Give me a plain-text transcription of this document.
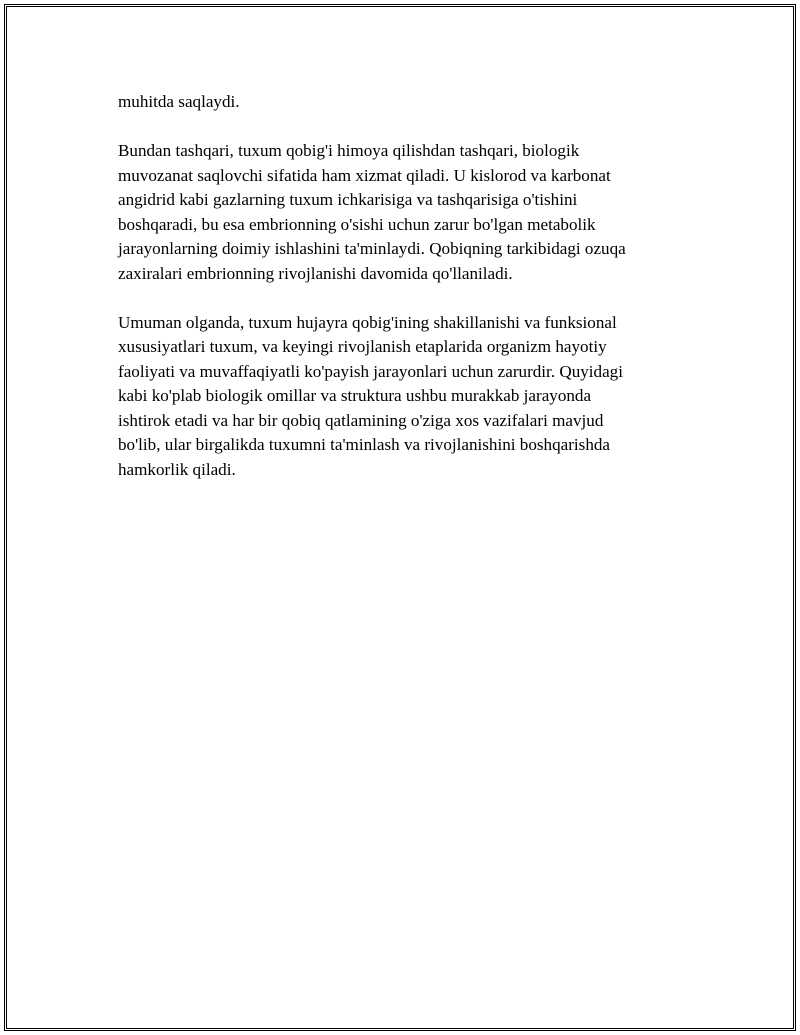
muhitda saqlaydi.

Bundan tashqari, tuxum qobig'i himoya qilishdan tashqari, biologik
muvozanat saqlovchi sifatida ham xizmat qiladi. U kislorod va karbonat
angidrid kabi gazlarning tuxum ichkarisiga va tashqarisiga o'tishini
boshqaradi, bu esa embrionning o'sishi uchun zarur bo'lgan metabolik
jarayonlarning doimiy ishlashini ta'minlaydi. Qobiqning tarkibidagi ozuqa
zaxiralari embrionning rivojlanishi davomida qo'llaniladi.

Umuman olganda, tuxum hujayra qobig'ining shakillanishi va funksional
xususiyatlari tuxum, va keyingi rivojlanish etaplarida organizm hayotiy
faoliyati va muvaffaqiyatli ko'payish jarayonlari uchun zarurdir. Quyidagi
kabi ko'plab biologik omillar va struktura ushbu murakkab jarayonda
ishtirok etadi va har bir qobiq qatlamining o'ziga xos vazifalari mavjud
bo'lib, ular birgalikda tuxumni ta'minlash va rivojlanishini boshqarishda
hamkorlik qiladi.
